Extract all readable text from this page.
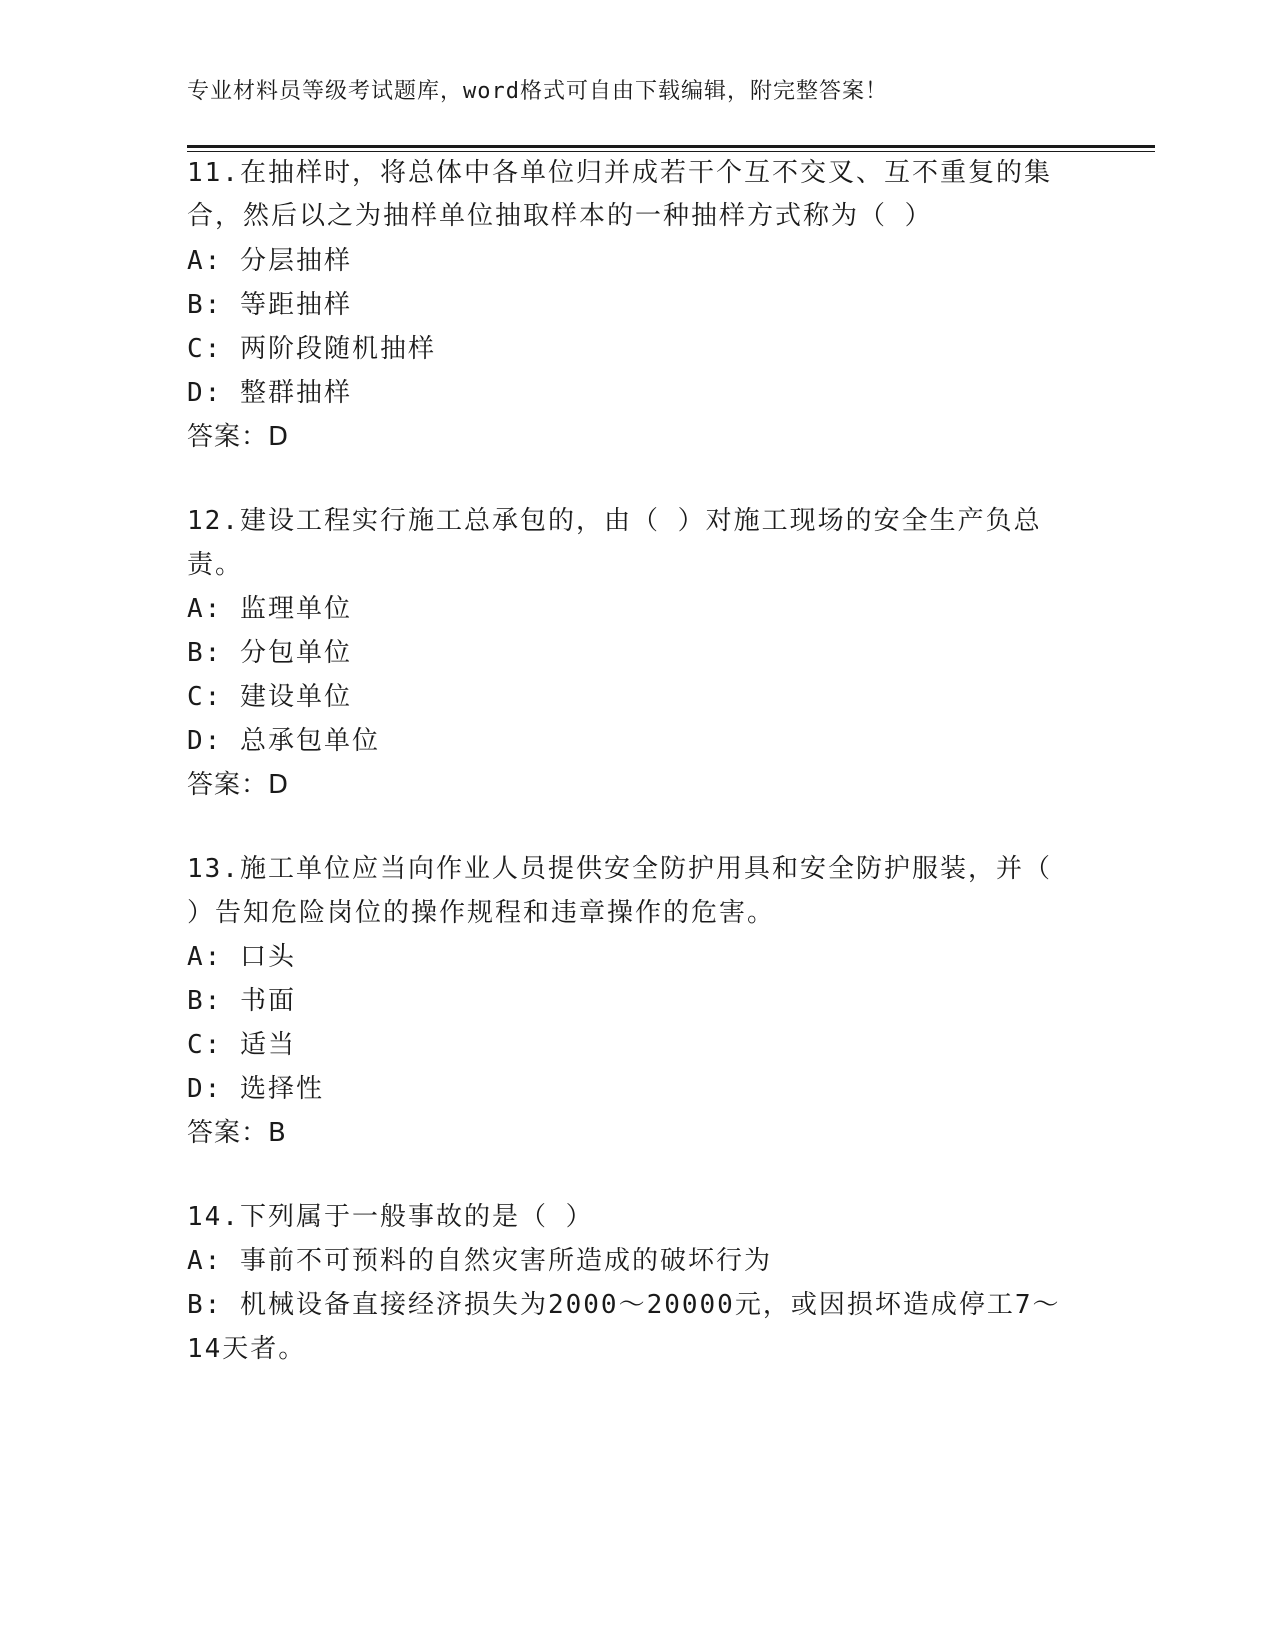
专业材料员等级考试题库，word格式可自由下载编辑，附完整答案！
11.在抽样时，将总体中各单位归并成若干个互不交叉、互不重复的集
合，然后以之为抽样单位抽取样本的一种抽样方式称为（ ）
A: 分层抽样
B: 等距抽样
C: 两阶段随机抽样
D: 整群抽样
答案：D
12.建设工程实行施工总承包的，由（ ）对施工现场的安全生产负总
责。
A: 监理单位
B: 分包单位
C: 建设单位
D: 总承包单位
答案：D
13.施工单位应当向作业人员提供安全防护用具和安全防护服装，并（
）告知危险岗位的操作规程和违章操作的危害。
A: 口头
B: 书面
C: 适当
D: 选择性
答案：B
14.下列属于一般事故的是（ ）
A: 事前不可预料的自然灾害所造成的破坏行为
B: 机械设备直接经济损失为2000～20000元，或因损坏造成停工7～
14天者。
